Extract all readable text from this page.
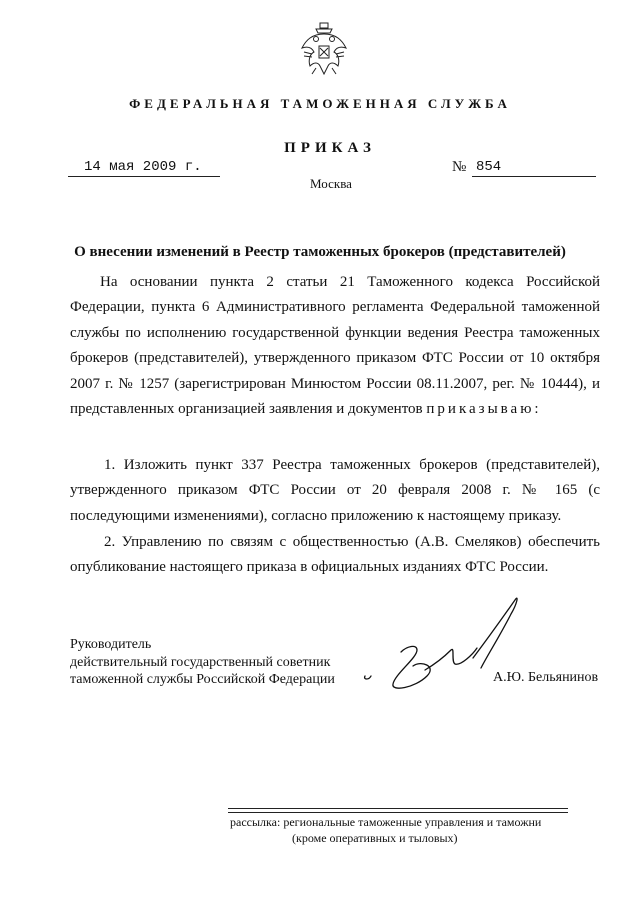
ФЕДЕРАЛЬНАЯ ТАМОЖЕННАЯ СЛУЖБА
ПРИКАЗ
14 мая 2009 г.	№ 854
Москва
О внесении изменений в Реестр таможенных брокеров (представителей)

На основании пункта 2 статьи 21 Таможенного кодекса Российской Федерации, пункта 6 Административного регламента Федеральной таможенной службы по исполнению государственной функции ведения Реестра таможенных брокеров (представителей), утвержденного приказом ФТС России от 10 октября 2007 г. № 1257 (зарегистрирован Минюстом России 08.11.2007, рег. № 10444), и представленных организацией заявления и документов приказываю:

1. Изложить пункт 337 Реестра таможенных брокеров (представителей), утвержденного приказом ФТС России от 20 февраля 2008 г. № 165 (с последующими изменениями), согласно приложению к настоящему приказу.

2. Управлению по связям с общественностью (А.В. Смеляков) обеспечить опубликование настоящего приказа в официальных изданиях ФТС России.

Руководитель
действительный государственный советник
таможенной службы Российской Федерации	А.Ю. Бельянинов
рассылка: региональные таможенные управления и таможни
(кроме оперативных и тыловых)
